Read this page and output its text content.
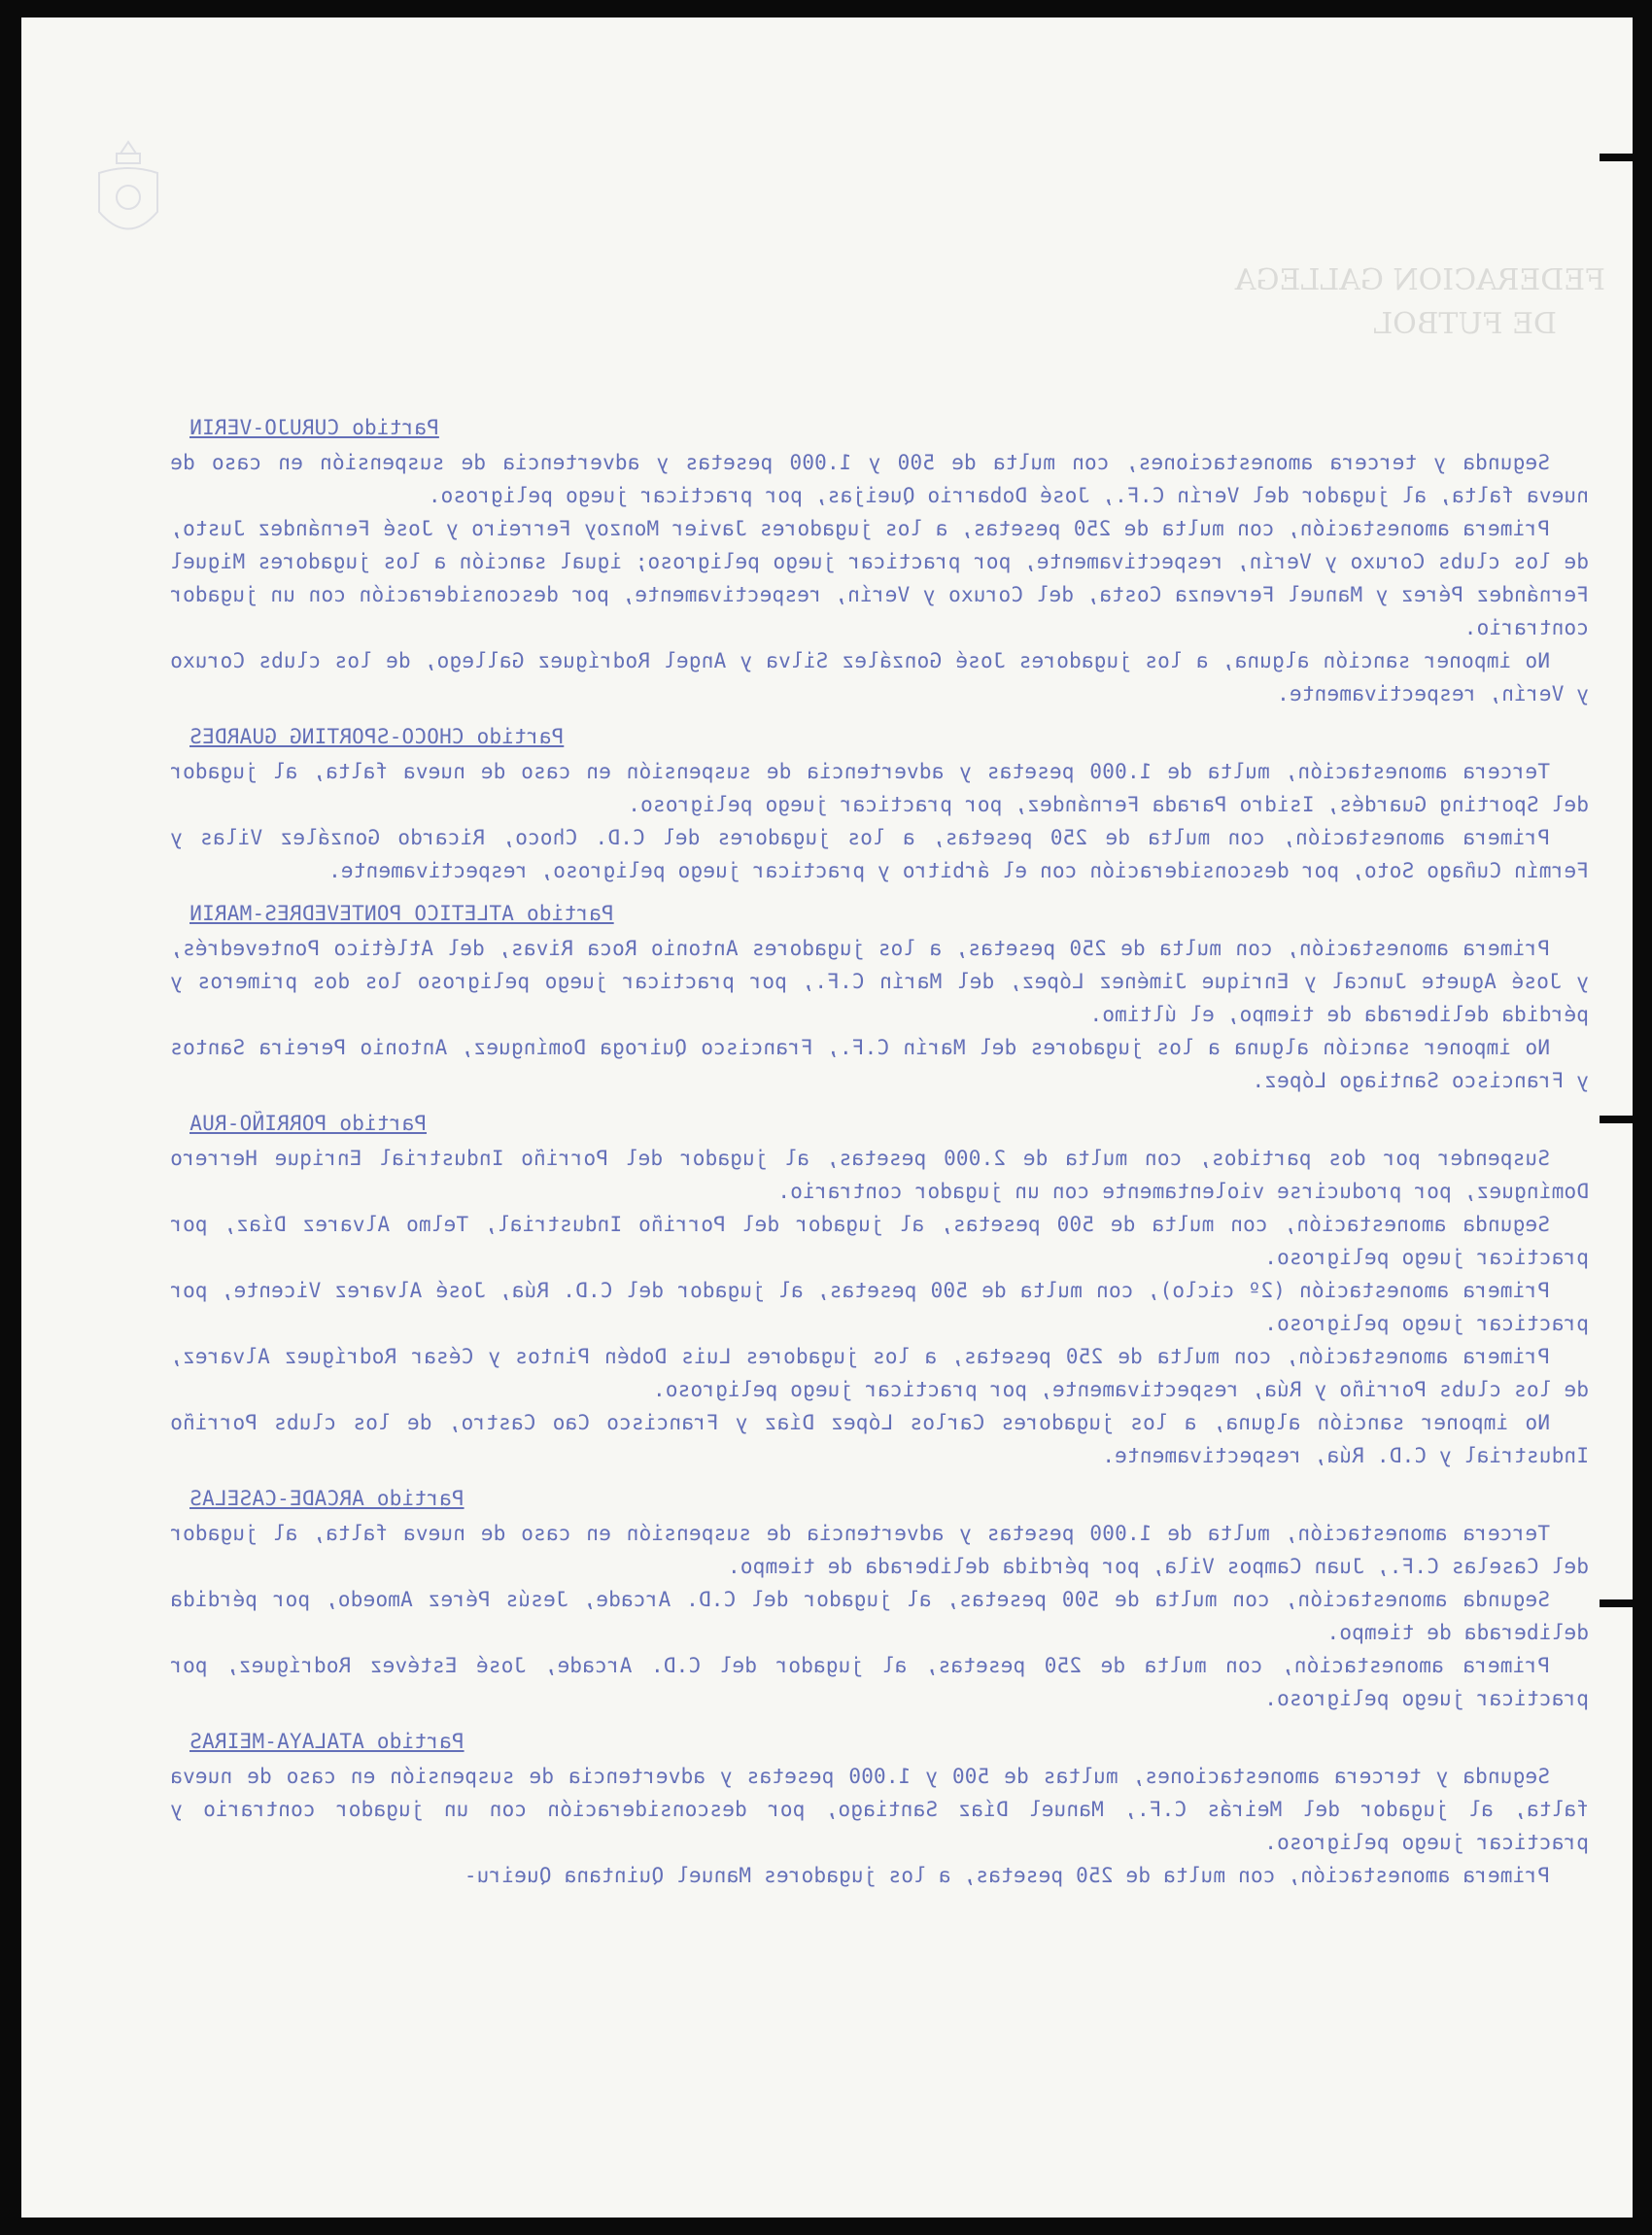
FEDERACION GALLEGA
DE FUTBOL
Partido CURUJO-VERIN

Segunda y tercera amonestaciones, con multa de 500 y 1.000 pesetas y advertencia de suspensión en caso de nueva falta, al jugador del Verín C.F., José Dobarrio Queijas, por practicar juego peligroso.

Primera amonestación, con multa de 250 pesetas, a los jugadores Javier Monzoy Ferreiro y José Fernández Justo, de los clubs Coruxo y Verín, respectivamente, por practicar juego peligroso; igual sanción a los jugadores Miguel Fernández Pérez y Manuel Fervenza Costa, del Coruxo y Verín, respectivamente, por desconsideración con un jugador contrario.

No imponer sanción alguna, a los jugadores José González Silva y Angel Rodríguez Gallego, de los clubs Coruxo y Verín, respectivamente.

Partido CHOCO-SPORTING GUARDES

Tercera amonestación, multa de 1.000 pesetas y advertencia de suspensión en caso de nueva falta, al jugador del Sporting Guardés, Isidro Parada Fernández, por practicar juego peligroso.

Primera amonestación, con multa de 250 pesetas, a los jugadores del C.D. Choco, Ricardo González Vilas y Fermín Cuñago Soto, por desconsideración con el árbitro y practicar juego peligroso, respectivamente.

Partido ATLETICO PONTEVEDRES-MARIN

Primera amonestación, con multa de 250 pesetas, a los jugadores Antonio Roca Rivas, del Atlético Pontevedrés, y José Aguete Juncal y Enrique Jiménez López, del Marín C.F., por practicar juego peligroso los dos primeros y pérdida deliberada de tiempo, el último.

No imponer sanción alguna a los jugadores del Marín C.F., Francisco Quiroga Domínguez, Antonio Pereira Santos y Francisco Santiago López.

Partido PORRIÑO-RUA

Suspender por dos partidos, con multa de 2.000 pesetas, al jugador del Porriño Industrial Enrique Herrero Domínguez, por producirse violentamente con un jugador contrario.

Segunda amonestación, con multa de 500 pesetas, al jugador del Porriño Industrial, Telmo Alvarez Díaz, por practicar juego peligroso.

Primera amonestación (2º ciclo), con multa de 500 pesetas, al jugador del C.D. Rúa, José Alvarez Vicente, por practicar juego peligroso.

Primera amonestación, con multa de 250 pesetas, a los jugadores Luis Dobén Pintos y César Rodríguez Alvarez, de los clubs Porriño y Rúa, respectivamente, por practicar juego peligroso.

No imponer sanción alguna, a los jugadores Carlos López Díaz y Francisco Cao Castro, de los clubs Porriño Industrial y C.D. Rúa, respectivamente.

Partido ARCADE-CASELAS

Tercera amonestación, multa de 1.000 pesetas y advertencia de suspensión en caso de nueva falta, al jugador del Caselas C.F., Juan Campos Vila, por pérdida deliberada de tiempo.

Segunda amonestación, con multa de 500 pesetas, al jugador del C.D. Arcade, Jesús Pérez Amoedo, por pérdida deliberada de tiempo.

Primera amonestación, con multa de 250 pesetas, al jugador del C.D. Arcade, José Estévez Rodríguez, por practicar juego peligroso.

Partido ATALAYA-MEIRAS

Segunda y tercera amonestaciones, multas de 500 y 1.000 pesetas y advertencia de suspensión en caso de nueva falta, al jugador del Meirás C.F., Manuel Díaz Santiago, por desconsideración con un jugador contrario y practicar juego peligroso.

Primera amonestación, con multa de 250 pesetas, a los jugadores Manuel Quintana Queiru-
